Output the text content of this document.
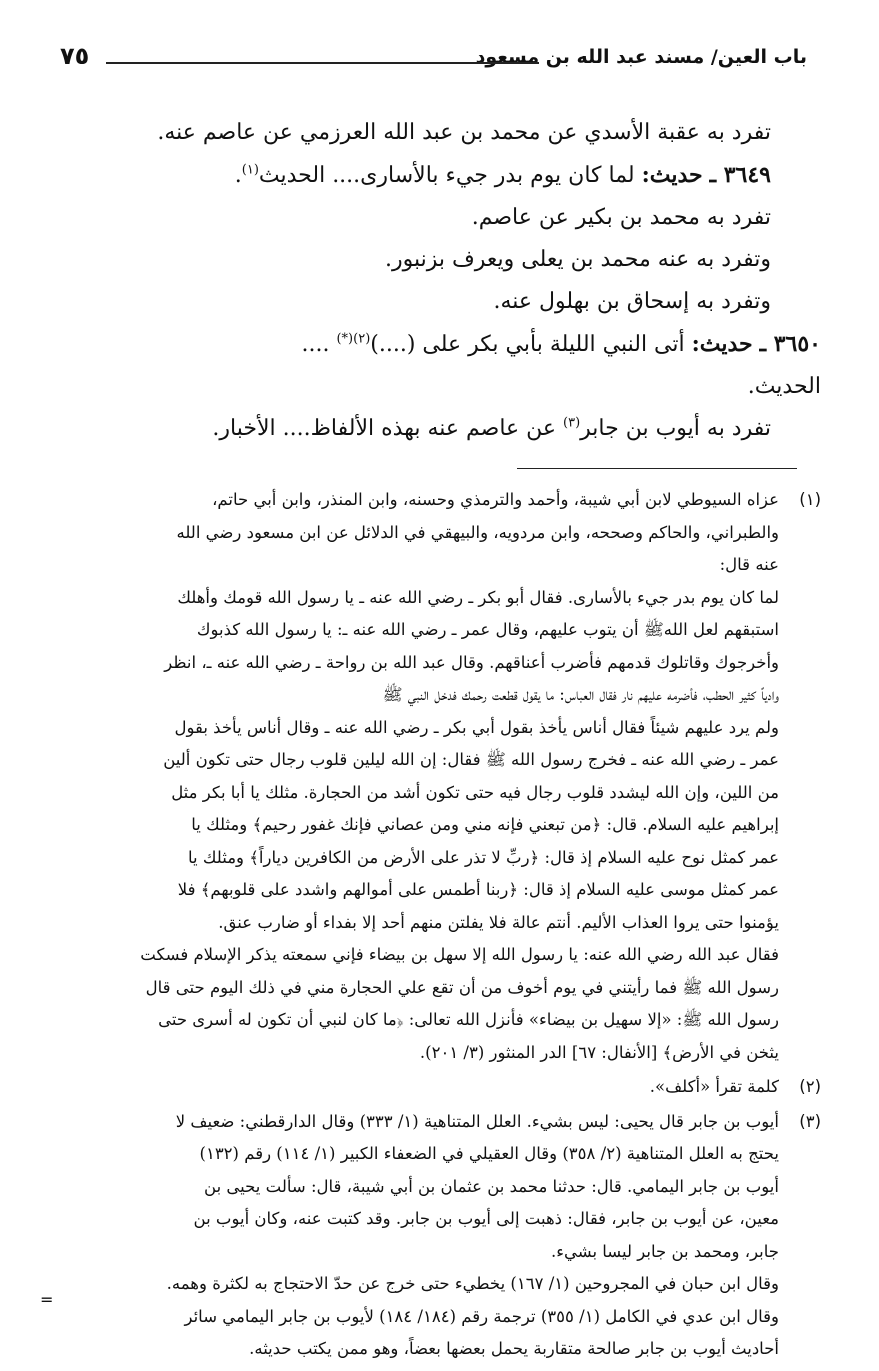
باب العين/ مسند عبد الله بن مسعود
٧٥

تفرد به عقبة الأسدي عن محمد بن عبد الله العرزمي عن عاصم عنه.

٣٦٤٩ ـ حديث: لما كان يوم بدر جيء بالأسارى.... الحديث$^{(١)}$.

تفرد به محمد بن بكير عن عاصم.

وتفرد به عنه محمد بن يعلى ويعرف بزنبور.

وتفرد به إسحاق بن بهلول عنه.

٣٦٥٠ ـ حديث: أتى النبي الليلة بأبي بكر على (....)$^{(٢)(*)}$ ....

الحديث.

تفرد به أيوب بن جابر$^{(٣)}$ عن عاصم عنه بهذه الألفاظ.... الأخبار.

(١)

عزاه السيوطي لابن أبي شيبة، وأحمد والترمذي وحسنه، وابن المنذر، وابن أبي حاتم،

والطبراني، والحاكم وصححه، وابن مردويه، والبيهقي في الدلائل عن ابن مسعود رضي الله

عنه قال:

لما كان يوم بدر جيء بالأسارى. فقال أبو بكر ـ رضي الله عنه ـ يا رسول الله قومك وأهلك

استبقهم لعل اللهﷺ أن يتوب عليهم، وقال عمر ـ رضي الله عنه ـ: يا رسول الله كذبوك

وأخرجوك وقاتلوك قدمهم فأضرب أعناقهم. وقال عبد الله بن رواحة ـ رضي الله عنه ـ، انظر

وادياً كثير الحطب، فأضرمه عليهم نار فقال العباس: ما يقول قطعت رحمك فدخل النبي ﷺ

ولم يرد عليهم شيئاً فقال أناس يأخذ بقول أبي بكر ـ رضي الله عنه ـ وقال أناس يأخذ بقول

عمر ـ رضي الله عنه ـ فخرج رسول الله ﷺ فقال: إن الله ليلين قلوب رجال حتى تكون ألين

من اللين، وإن الله ليشدد قلوب رجال فيه حتى تكون أشد من الحجارة. مثلك يا أبا بكر مثل

إبراهيم عليه السلام. قال: ﴿من تبعني فإنه مني ومن عصاني فإنك غفور رحيم﴾ ومثلك يا

عمر كمثل نوح عليه السلام إذ قال: ﴿ربِّ لا تذر على الأرض من الكافرين دياراً﴾ ومثلك يا

عمر كمثل موسى عليه السلام إذ قال: ﴿ربنا أطمس على أموالهم واشدد على قلوبهم﴾ فلا

يؤمنوا حتى يروا العذاب الأليم. أنتم عالة فلا يفلتن منهم أحد إلا بفداء أو ضارب عنق.

فقال عبد الله رضي الله عنه: يا رسول الله إلا سهل بن بيضاء فإني سمعته يذكر الإسلام فسكت

رسول الله ﷺ فما رأيتني في يوم أخوف من أن تقع علي الحجارة مني في ذلك اليوم حتى قال

رسول الله ﷺ: «إلا سهيل بن بيضاء» فأنزل الله تعالى: ﴿ما كان لنبي أن تكون له أسرى حتى

يثخن في الأرض﴾ [الأنفال: ٦٧] الدر المنثور (٣/ ٢٠١).

(٢)

كلمة تقرأ «أكلف».

(٣)

أيوب بن جابر قال يحيى: ليس بشيء. العلل المتناهية (١/ ٣٣٣) وقال الدارقطني: ضعيف لا

يحتج به العلل المتناهية (٢/ ٣٥٨) وقال العقيلي في الضعفاء الكبير (١/ ١١٤) رقم (١٣٢)

أيوب بن جابر اليمامي. قال: حدثنا محمد بن عثمان بن أبي شيبة، قال: سألت يحيى بن

معين، عن أيوب بن جابر، فقال: ذهبت إلى أيوب بن جابر. وقد كتبت عنه، وكان أيوب بن

جابر، ومحمد بن جابر ليسا بشيء.

وقال ابن حبان في المجروحين (١/ ١٦٧) يخطيء حتى خرج عن حدّ الاحتجاج به لكثرة وهمه.

وقال ابن عدي في الكامل (١/ ٣٥٥) ترجمة رقم (١٨٤/ ١٨٤) لأيوب بن جابر اليمامي سائر

أحاديث أيوب بن جابر صالحة متقاربة يحمل بعضها بعضاً، وهو ممن يكتب حديثه.

=
